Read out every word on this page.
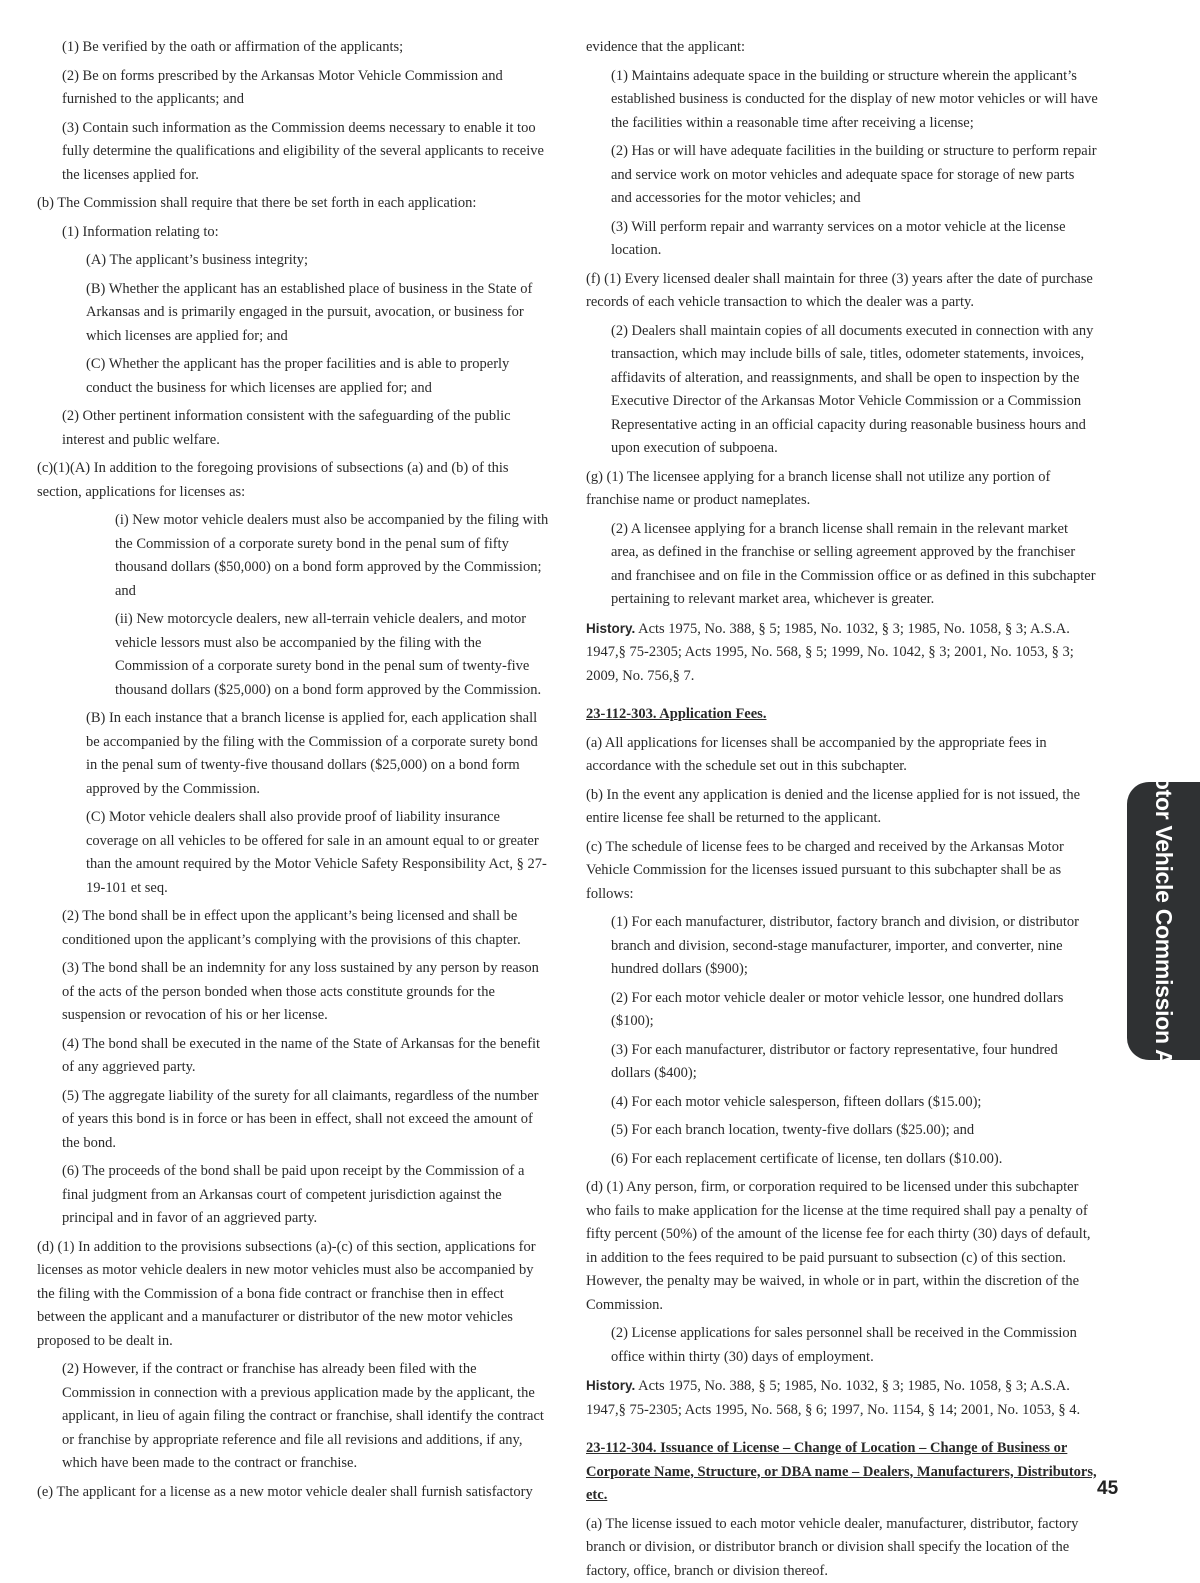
(1) Be verified by the oath or affirmation of the applicants;

(2) Be on forms prescribed by the Arkansas Motor Vehicle Commission and furnished to the applicants; and

(3) Contain such information as the Commission deems necessary to enable it too fully determine the qualifications and eligibility of the several applicants to receive the licenses applied for.

(b) The Commission shall require that there be set forth in each application:

(1) Information relating to:

(A) The applicant’s business integrity;

(B) Whether the applicant has an established place of business in the State of Arkansas and is primarily engaged in the pursuit, avocation, or business for which licenses are applied for; and

(C) Whether the applicant has the proper facilities and is able to properly conduct the business for which licenses are applied for; and

(2) Other pertinent information consistent with the safeguarding of the public interest and public welfare.

(c)(1)(A) In addition to the foregoing provisions of subsections (a) and (b) of this section, applications for licenses as:

(i) New motor vehicle dealers must also be accompanied by the filing with the Commission of a corporate surety bond in the penal sum of fifty thousand dollars ($50,000) on a bond form approved by the Commission; and

(ii) New motorcycle dealers, new all-terrain vehicle dealers, and motor vehicle lessors must also be accompanied by the filing with the Commission of a corporate surety bond in the penal sum of twenty-five thousand dollars ($25,000) on a bond form approved by the Commission.

(B) In each instance that a branch license is applied for, each application shall be accompanied by the filing with the Commission of a corporate surety bond in the penal sum of twenty-five thousand dollars ($25,000) on a bond form approved by the Commission.

(C) Motor vehicle dealers shall also provide proof of liability insurance coverage on all vehicles to be offered for sale in an amount equal to or greater than the amount required by the Motor Vehicle Safety Responsibility Act, § 27-19-101 et seq.

(2) The bond shall be in effect upon the applicant’s being licensed and shall be conditioned upon the applicant’s complying with the provisions of this chapter.

(3) The bond shall be an indemnity for any loss sustained by any person by reason of the acts of the person bonded when those acts constitute grounds for the suspension or revocation of his or her license.

(4) The bond shall be executed in the name of the State of Arkansas for the benefit of any aggrieved party.

(5) The aggregate liability of the surety for all claimants, regardless of the number of years this bond is in force or has been in effect, shall not exceed the amount of the bond.

(6) The proceeds of the bond shall be paid upon receipt by the Commission of a final judgment from an Arkansas court of competent jurisdiction against the principal and in favor of an aggrieved party.

(d) (1) In addition to the provisions subsections (a)-(c) of this section, applications for licenses as motor vehicle dealers in new motor vehicles must also be accompanied by the filing with the Commission of a bona fide contract or franchise then in effect between the applicant and a manufacturer or distributor of the new motor vehicles proposed to be dealt in.

(2) However, if the contract or franchise has already been filed with the Commission in connection with a previous application made by the applicant, the applicant, in lieu of again filing the contract or franchise, shall identify the contract or franchise by appropriate reference and file all revisions and additions, if any, which have been made to the contract or franchise.

(e) The applicant for a license as a new motor vehicle dealer shall furnish satisfactory

evidence that the applicant:

(1) Maintains adequate space in the building or structure wherein the applicant’s established business is conducted for the display of new motor vehicles or will have the facilities within a reasonable time after receiving a license;

(2) Has or will have adequate facilities in the building or structure to perform repair and service work on motor vehicles and adequate space for storage of new parts and accessories for the motor vehicles; and

(3) Will perform repair and warranty services on a motor vehicle at the license location.

(f) (1) Every licensed dealer shall maintain for three (3) years after the date of purchase records of each vehicle transaction to which the dealer was a party.

(2) Dealers shall maintain copies of all documents executed in connection with any transaction, which may include bills of sale, titles, odometer statements, invoices, affidavits of alteration, and reassignments, and shall be open to inspection by the Executive Director of the Arkansas Motor Vehicle Commission or a Commission Representative acting in an official capacity during reasonable business hours and upon execution of subpoena.

(g) (1) The licensee applying for a branch license shall not utilize any portion of franchise name or product nameplates.

(2) A licensee applying for a branch license shall remain in the relevant market area, as defined in the franchise or selling agreement approved by the franchiser and franchisee and on file in the Commission office or as defined in this subchapter pertaining to relevant market area, whichever is greater.

History. Acts 1975, No. 388, § 5; 1985, No. 1032, § 3; 1985, No. 1058, § 3; A.S.A. 1947,§ 75-2305; Acts 1995, No. 568, § 5; 1999, No. 1042, § 3; 2001, No. 1053, § 3; 2009, No. 756,§ 7.

23-112-303. Application Fees.

(a) All applications for licenses shall be accompanied by the appropriate fees in accordance with the schedule set out in this subchapter.

(b) In the event any application is denied and the license applied for is not issued, the entire license fee shall be returned to the applicant.

(c) The schedule of license fees to be charged and received by the Arkansas Motor Vehicle Commission for the licenses issued pursuant to this subchapter shall be as follows:

(1) For each manufacturer, distributor, factory branch and division, or distributor branch and division, second-stage manufacturer, importer, and converter, nine hundred dollars ($900);

(2) For each motor vehicle dealer or motor vehicle lessor, one hundred dollars ($100);

(3) For each manufacturer, distributor or factory representative, four hundred dollars ($400);

(4) For each motor vehicle salesperson, fifteen dollars ($15.00);

(5) For each branch location, twenty-five dollars ($25.00); and

(6) For each replacement certificate of license, ten dollars ($10.00).

(d) (1) Any person, firm, or corporation required to be licensed under this subchapter who fails to make application for the license at the time required shall pay a penalty of fifty percent (50%) of the amount of the license fee for each thirty (30) days of default, in addition to the fees required to be paid pursuant to subsection (c) of this section. However, the penalty may be waived, in whole or in part, within the discretion of the Commission.

(2) License applications for sales personnel shall be received in the Commission office within thirty (30) days of employment.

History. Acts 1975, No. 388, § 5; 1985, No. 1032, § 3; 1985, No. 1058, § 3; A.S.A. 1947,§ 75-2305; Acts 1995, No. 568, § 6; 1997, No. 1154, § 14; 2001, No. 1053, § 4.

23-112-304. Issuance of License – Change of Location – Change of Business or Corporate Name, Structure, or DBA name – Dealers, Manufacturers, Distributors, etc.

(a) The license issued to each motor vehicle dealer, manufacturer, distributor, factory branch or division, or distributor branch or division shall specify the location of the factory, office, branch or division thereof.

Motor Vehicle Commission Act
45
